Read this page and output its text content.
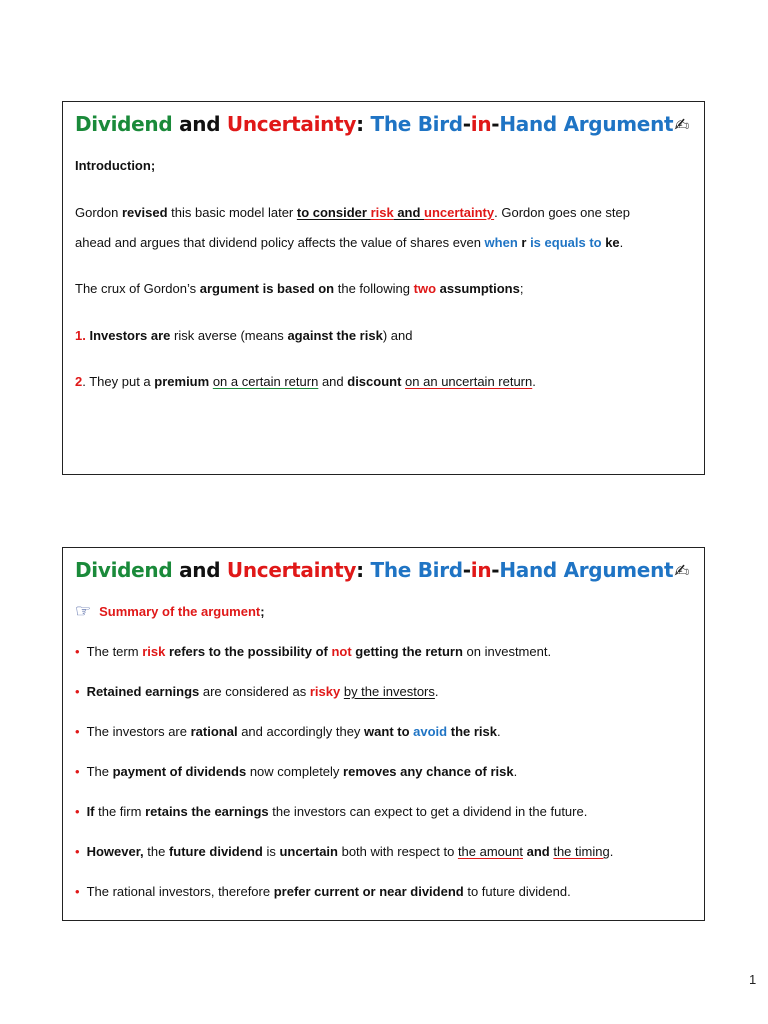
Dividend and Uncertainty: The Bird-in-Hand Argument✍
Introduction;
Gordon revised this basic model later to consider risk and uncertainty. Gordon goes one step
ahead and argues that dividend policy affects the value of shares even when r is equals to ke.
The crux of Gordon’s argument is based on the following two assumptions;
1. Investors are risk averse (means against the risk) and
2. They put a premium on a certain return and discount on an uncertain return.
Dividend and Uncertainty: The Bird-in-Hand Argument✍
☞ Summary of the argument;
• The term risk refers to the possibility of not getting the return on investment.
• Retained earnings are considered as risky by the investors.
• The investors are rational and accordingly they want to avoid the risk.
• The payment of dividends now completely removes any chance of risk.
• If the firm retains the earnings the investors can expect to get a dividend in the future.
• However, the future dividend is uncertain both with respect to the amount and the timing.
• The rational investors, therefore prefer current or near dividend to future dividend.
1
